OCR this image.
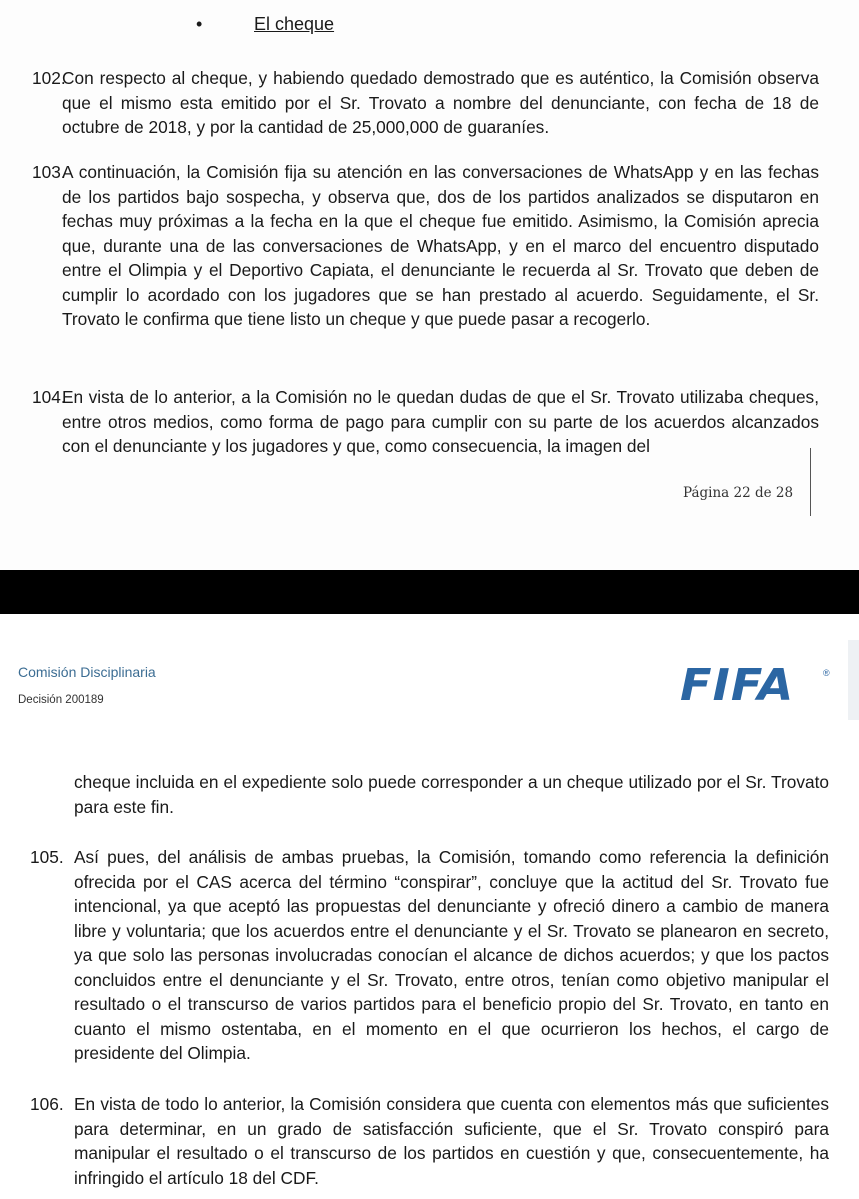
•	El cheque
102.
Con respecto al cheque, y habiendo quedado demostrado que es auténtico, la Comisión observa que el mismo esta emitido por el Sr. Trovato a nombre del denunciante, con fecha de 18 de octubre de 2018, y por la cantidad de 25,000,000 de guaraníes.
103.
A continuación, la Comisión fija su atención en las conversaciones de WhatsApp y en las fechas de los partidos bajo sospecha, y observa que, dos de los partidos analizados se disputaron en fechas muy próximas a la fecha en la que el cheque fue emitido. Asimismo, la Comisión aprecia que, durante una de las conversaciones de WhatsApp, y en el marco del encuentro disputado entre el Olimpia y el Deportivo Capiata, el denunciante le recuerda al Sr. Trovato que deben de cumplir lo acordado con los jugadores que se han prestado al acuerdo. Seguidamente, el Sr. Trovato le confirma que tiene listo un cheque y que puede pasar a recogerlo.
104.
En vista de lo anterior, a la Comisión no le quedan dudas de que el Sr. Trovato utilizaba cheques, entre otros medios, como forma de pago para cumplir con su parte de los acuerdos alcanzados con el denunciante y los jugadores y que, como consecuencia, la imagen del
Página 22 de 28
Comisión Disciplinaria
Decisión 200189	FIFA	®
cheque incluida en el expediente solo puede corresponder a un cheque utilizado por el Sr. Trovato para este fin.
105. Así pues, del análisis de ambas pruebas, la Comisión, tomando como referencia la definición ofrecida por el CAS acerca del término “conspirar”, concluye que la actitud del Sr. Trovato fue intencional, ya que aceptó las propuestas del denunciante y ofreció dinero a cambio de manera libre y voluntaria; que los acuerdos entre el denunciante y el Sr. Trovato se planearon en secreto, ya que solo las personas involucradas conocían el alcance de dichos acuerdos; y que los pactos concluidos entre el denunciante y el Sr. Trovato, entre otros, tenían como objetivo manipular el resultado o el transcurso de varios partidos para el beneficio propio del Sr. Trovato, en tanto en cuanto el mismo ostentaba, en el momento en el que ocurrieron los hechos, el cargo de presidente del Olimpia.
106. En vista de todo lo anterior, la Comisión considera que cuenta con elementos más que suficientes para determinar, en un grado de satisfacción suficiente, que el Sr. Trovato conspiró para manipular el resultado o el transcurso de los partidos en cuestión y que, consecuentemente, ha infringido el artículo 18 del CDF.
